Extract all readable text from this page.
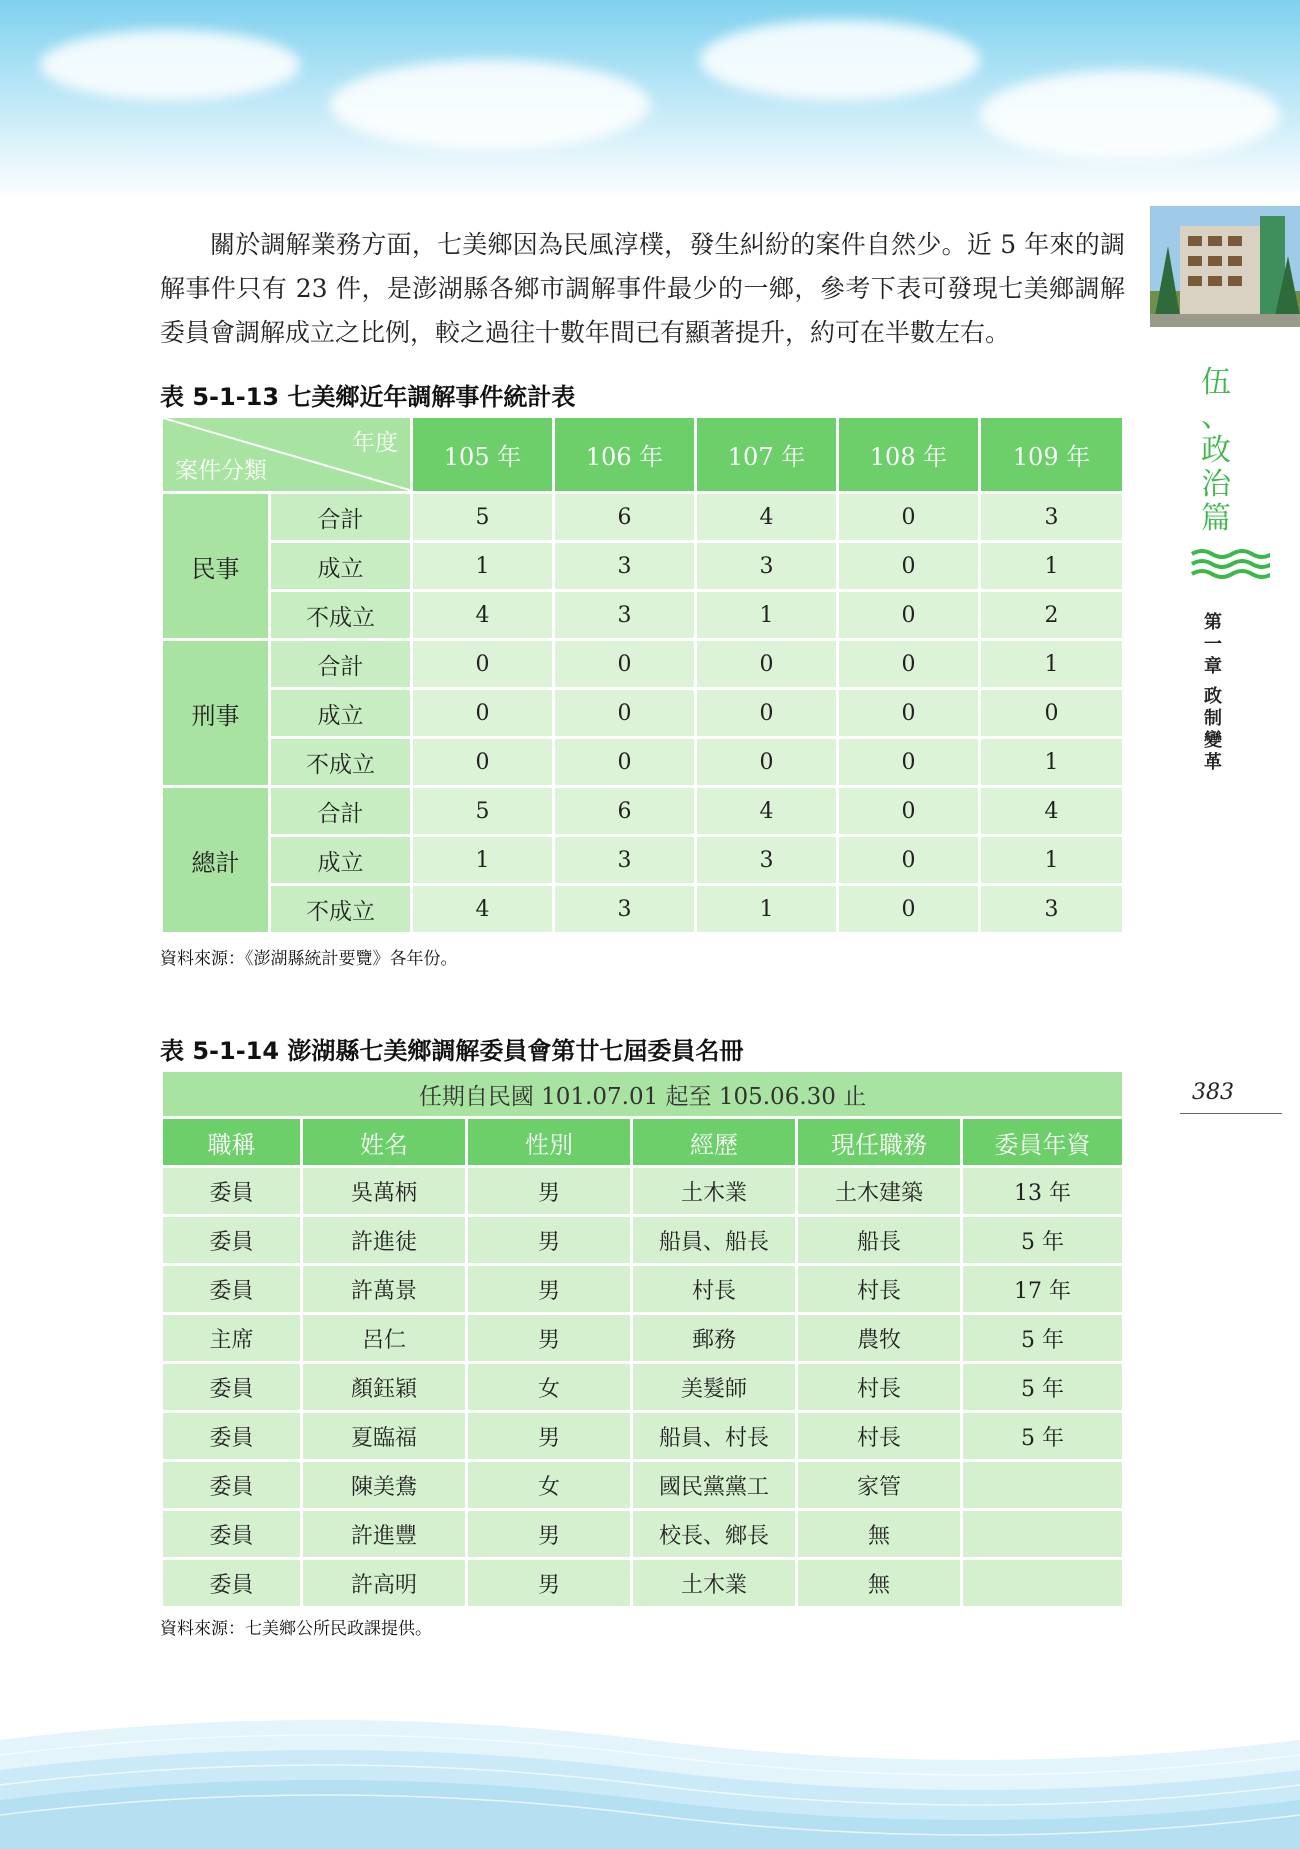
關於調解業務方面，七美鄉因為民風淳樸，發生糾紛的案件自然少。近 5 年來的調解事件只有 23 件，是澎湖縣各鄉市調解事件最少的一鄉，參考下表可發現七美鄉調解委員會調解成立之比例，較之過往十數年間已有顯著提升，約可在半數左右。

伍
、
政
治
篇
第
一
章
政
制
變
革
383
表 5-1-13 七美鄉近年調解事件統計表
年度
案件分類		105 年	106 年	107 年	108 年	109 年
民事	合計	5	6	4	0	3
	成立	1	3	3	0	1
	不成立	4	3	1	0	2
刑事	合計	0	0	0	0	1
	成立	0	0	0	0	0
	不成立	0	0	0	0	1
總計	合計	5	6	4	0	4
	成立	1	3	3	0	1
	不成立	4	3	1	0	3
資料來源：《澎湖縣統計要覽》各年份。
表 5-1-14 澎湖縣七美鄉調解委員會第廿七屆委員名冊
任期自民國 101.07.01 起至 105.06.30 止					
職稱	姓名	性別	經歷	現任職務	委員年資
委員	吳萬柄	男	土木業	土木建築	13 年
委員	許進徒	男	船員、船長	船長	5 年
委員	許萬景	男	村長	村長	17 年
主席	呂仁	男	郵務	農牧	5 年
委員	顏鈺穎	女	美髮師	村長	5 年
委員	夏臨福	男	船員、村長	村長	5 年
委員	陳美鴦	女	國民黨黨工	家管	
委員	許進豐	男	校長、鄉長	無	
委員	許高明	男	土木業	無	
資料來源：七美鄉公所民政課提供。
